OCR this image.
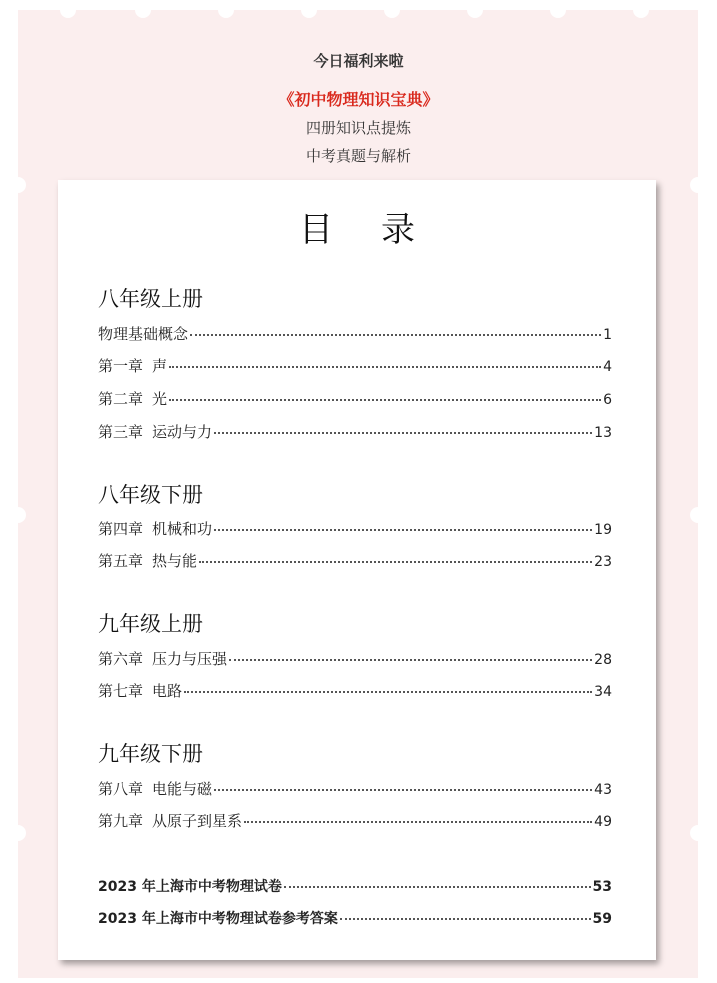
今日福利来啦
《初中物理知识宝典》
四册知识点提炼
中考真题与解析
目录
八年级上册
物理基础概念	1
第一章 声	4
第二章 光	6
第三章 运动与力	13
八年级下册
第四章 机械和功	19
第五章 热与能	23
九年级上册
第六章 压力与压强	28
第七章 电路	34
九年级下册
第八章 电能与磁	43
第九章 从原子到星系	49
2023 年上海市中考物理试卷	53
2023 年上海市中考物理试卷参考答案	59
